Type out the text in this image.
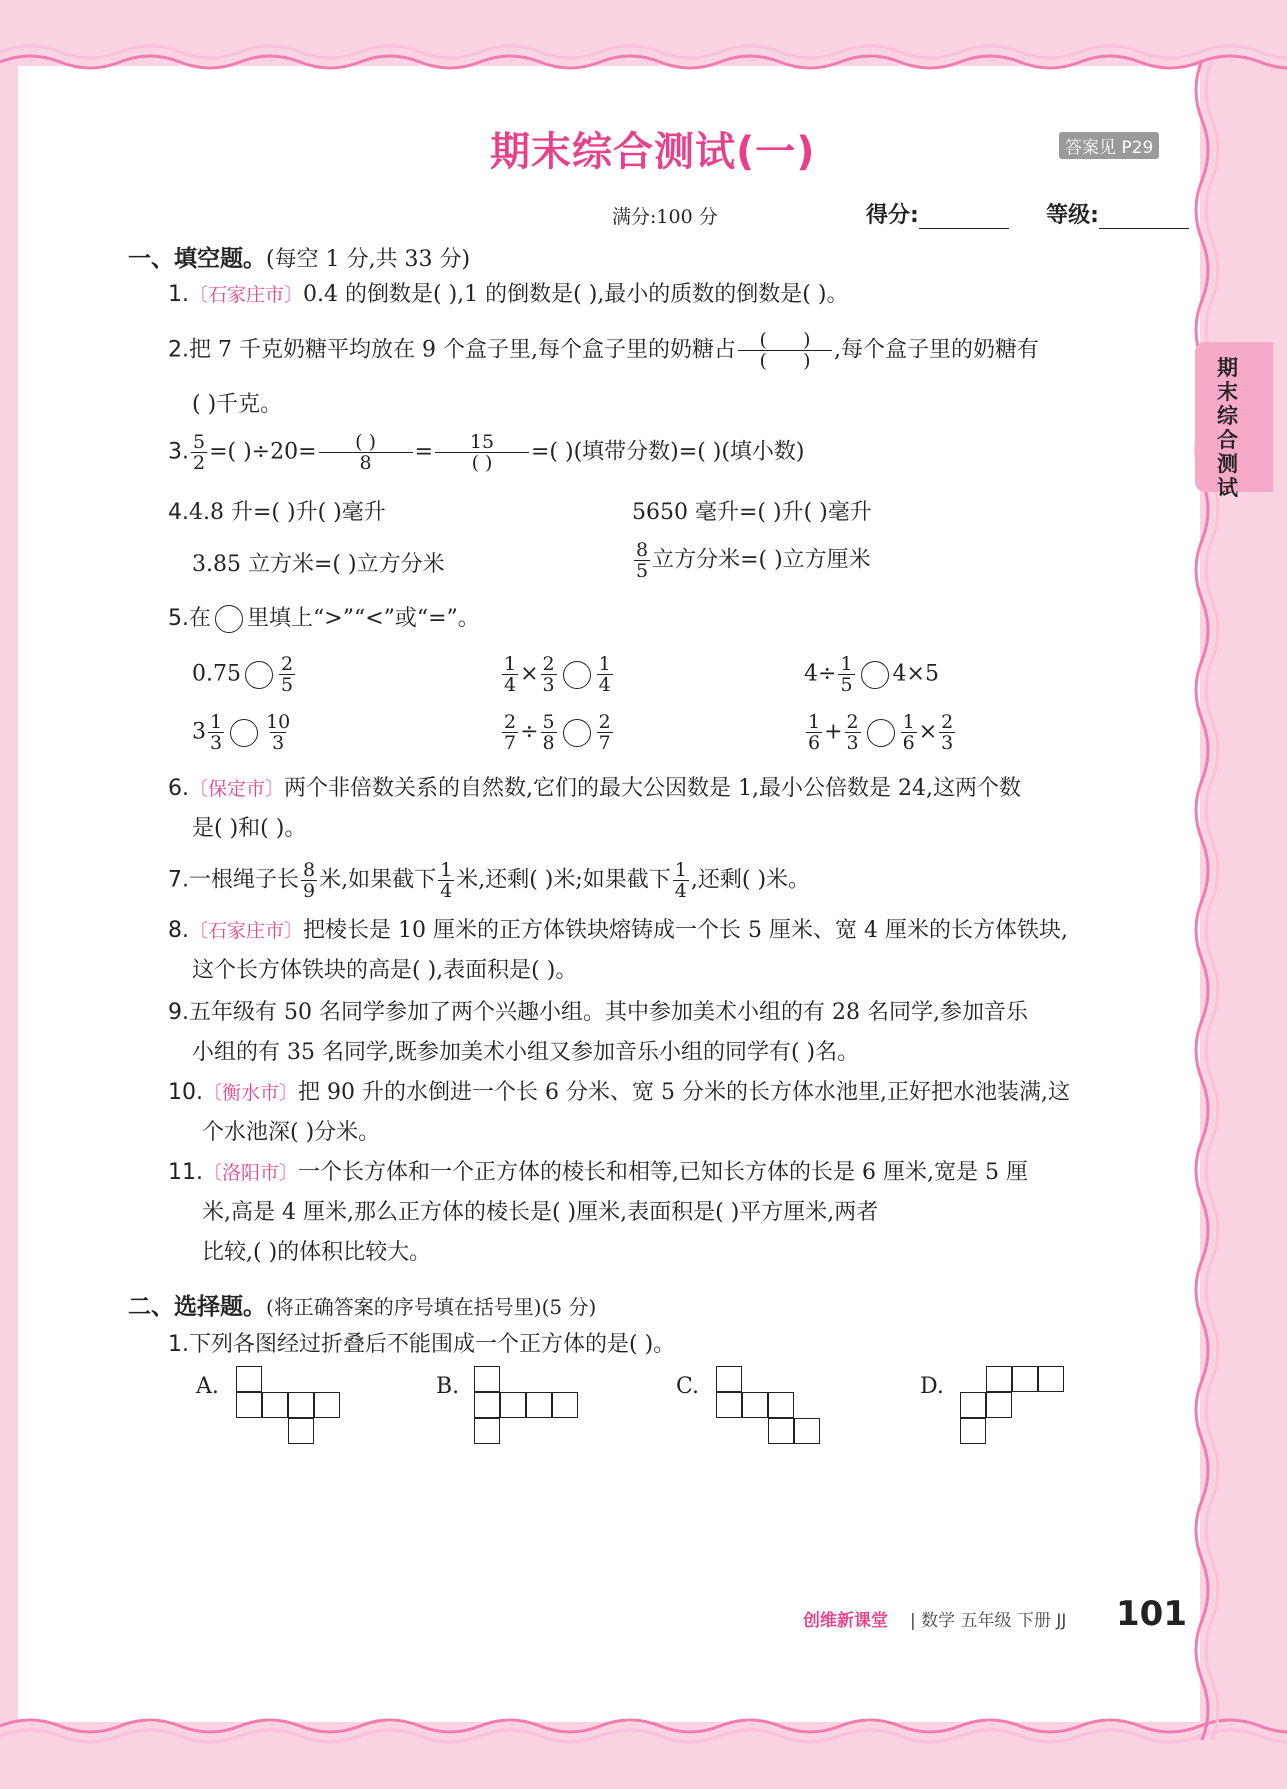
期末综合测试
期末综合测试(一)	答案见 P29
满分:100 分	得分:	等级:
一、填空题。(每空 1 分,共 33 分)
1.〔石家庄市〕0.4 的倒数是( ),1 的倒数是( ),最小的质数的倒数是( )。
2.把 7 千克奶糖平均放在 9 个盒子里,每个盒子里的奶糖占 $\frac{( )}{( )}$ ,每个盒子里的奶糖有
( )千克。
3. $\frac{5}{2}$ =( )$\div 20= \frac{( )}{8} = \frac{15}{( )}$ =( )(填带分数)=( )(填小数)
4.4.8 升=( )升( )毫升	5650 毫升=( )升( )毫升
3.85 立方米=( )立方分米	$\frac{8}{5}$ 立方分米=( )立方厘米
5.在 里填上“>”“<”或“=”。
$0.75 \frac{2}{5}$	$\frac{1}{4} \times \frac{2}{3} \frac{1}{4}$	$4\div \frac{1}{5} 4\times 5$
$3 \frac{1}{3} \frac{10}{3}$	$\frac{2}{7} \div \frac{5}{8} \frac{2}{7}$	$\frac{1}{6} + \frac{2}{3} \frac{1}{6} \times \frac{2}{3}$
6.〔保定市〕两个非倍数关系的自然数,它们的最大公因数是 1,最小公倍数是 24,这两个数
是( )和( )。
7.一根绳子长 $\frac{8}{9}$ 米,如果截下 $\frac{1}{4}$ 米,还剩( )米;如果截下 $\frac{1}{4}$ ,还剩( )米。
8.〔石家庄市〕把棱长是 10 厘米的正方体铁块熔铸成一个长 5 厘米、宽 4 厘米的长方体铁块,
这个长方体铁块的高是( ),表面积是( )。
9.五年级有 50 名同学参加了两个兴趣小组。其中参加美术小组的有 28 名同学,参加音乐
小组的有 35 名同学,既参加美术小组又参加音乐小组的同学有( )名。
10.〔衡水市〕把 90 升的水倒进一个长 6 分米、宽 5 分米的长方体水池里,正好把水池装满,这
个水池深( )分米。
11.〔洛阳市〕一个长方体和一个正方体的棱长和相等,已知长方体的长是 6 厘米,宽是 5 厘
米,高是 4 厘米,那么正方体的棱长是( )厘米,表面积是( )平方厘米,两者
比较,( )的体积比较大。
二、选择题。(将正确答案的序号填在括号里)(5 分)
1.下列各图经过折叠后不能围成一个正方体的是( )。
A.	B.	C.	D.
创维新课堂 | 数学 五年级 下册 JJ 101
